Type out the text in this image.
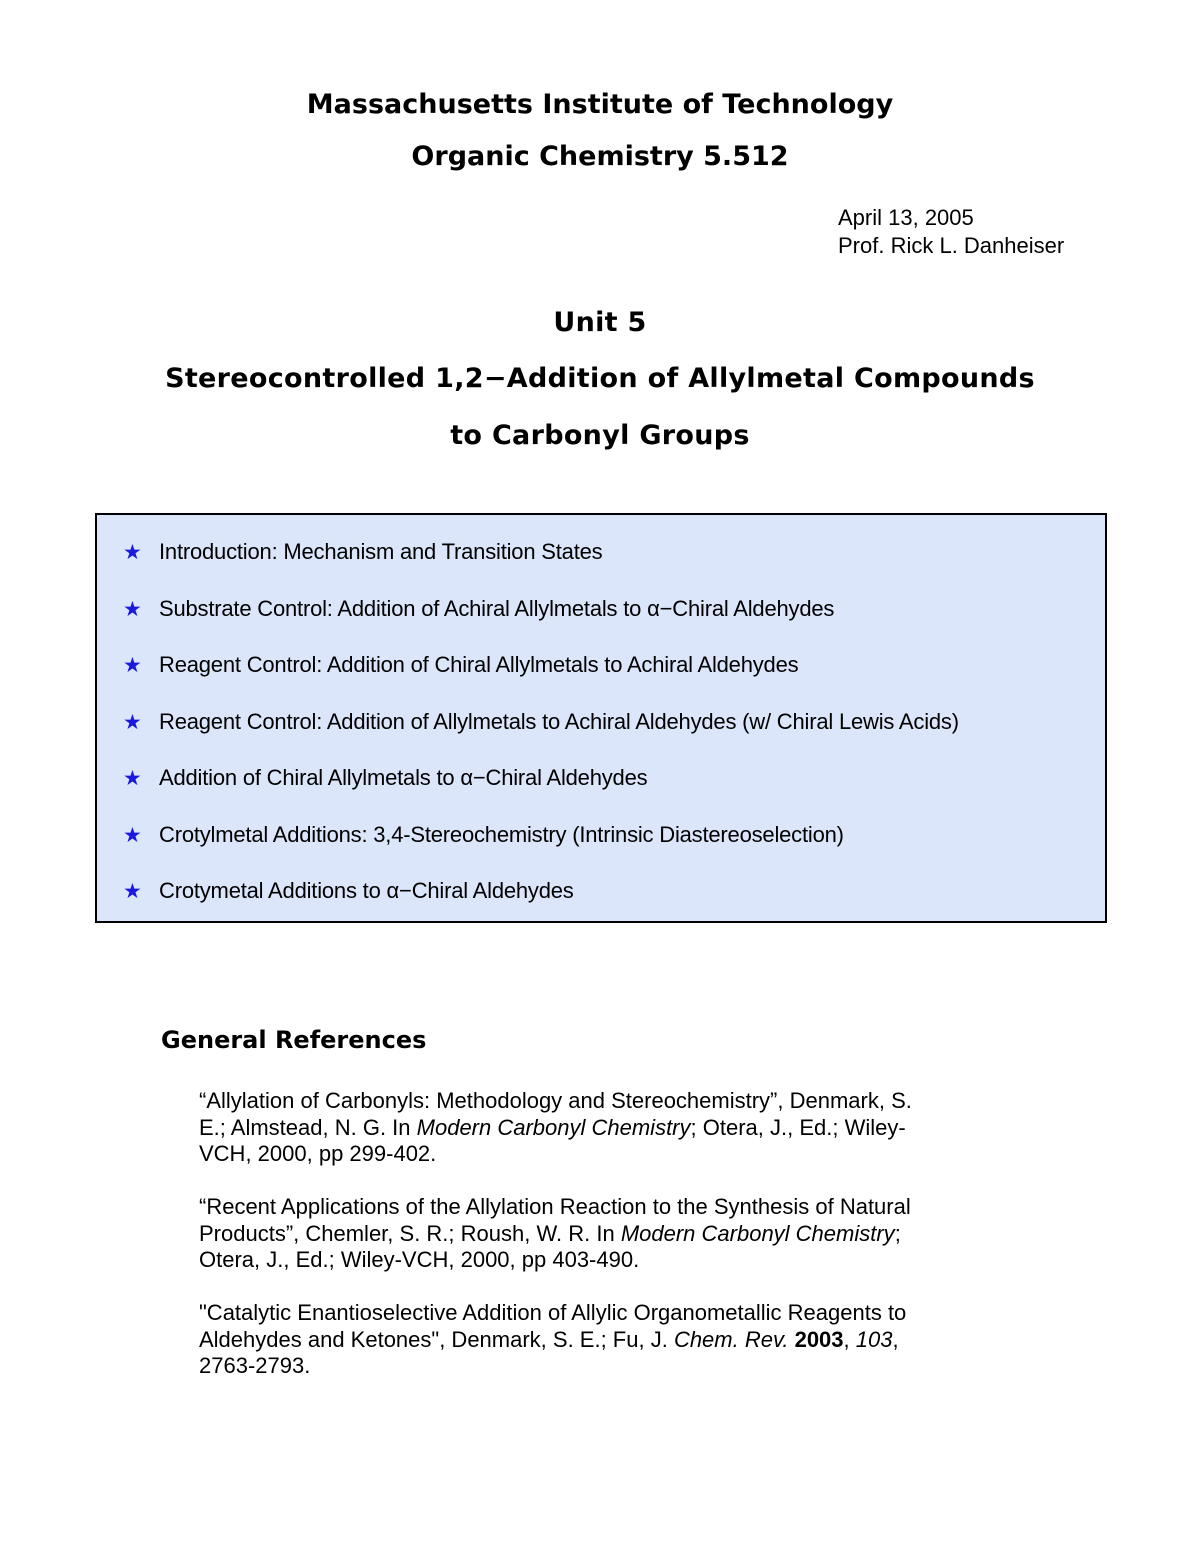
Massachusetts Institute of Technology
Organic Chemistry 5.512
April 13, 2005
Prof. Rick L. Danheiser
Unit 5
Stereocontrolled 1,2−Addition of Allylmetal Compounds
to Carbonyl Groups
★ Introduction: Mechanism and Transition States
★ Substrate Control: Addition of Achiral Allylmetals to α−Chiral Aldehydes
★ Reagent Control: Addition of Chiral Allylmetals to Achiral Aldehydes
★ Reagent Control: Addition of Allylmetals to Achiral Aldehydes (w/ Chiral Lewis Acids)
★ Addition of Chiral Allylmetals to α−Chiral Aldehydes
★ Crotylmetal Additions: 3,4-Stereochemistry (Intrinsic Diastereoselection)
★ Crotymetal Additions to α−Chiral Aldehydes
General References
“Allylation of Carbonyls: Methodology and Stereochemistry”, Denmark, S.
E.; Almstead, N. G. In Modern Carbonyl Chemistry; Otera, J., Ed.; Wiley-
VCH, 2000, pp 299-402.
“Recent Applications of the Allylation Reaction to the Synthesis of Natural
Products”, Chemler, S. R.; Roush, W. R. In Modern Carbonyl Chemistry;
Otera, J., Ed.; Wiley-VCH, 2000, pp 403-490.
"Catalytic Enantioselective Addition of Allylic Organometallic Reagents to
Aldehydes and Ketones", Denmark, S. E.; Fu, J. Chem. Rev. 2003, 103,
2763-2793.
